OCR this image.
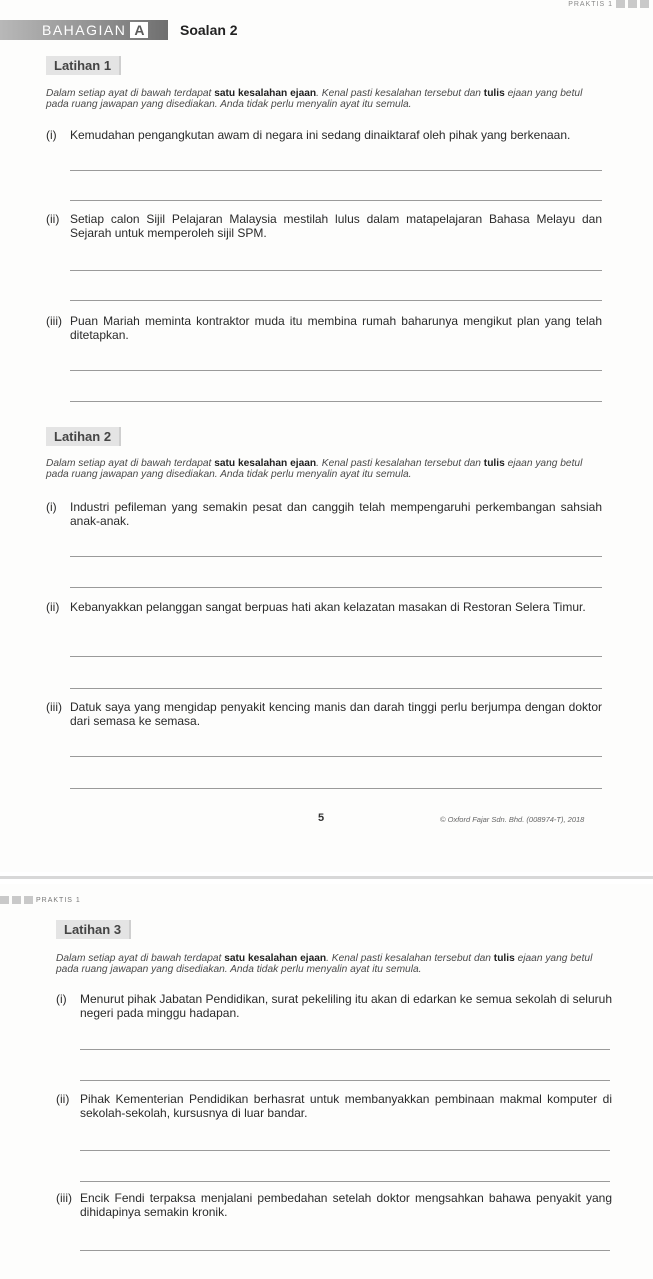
PRAKTIS 1
BAHAGIAN A	Soalan 2
Latihan 1
Dalam setiap ayat di bawah terdapat satu kesalahan ejaan. Kenal pasti kesalahan tersebut dan tulis ejaan yang betul pada ruang jawapan yang disediakan. Anda tidak perlu menyalin ayat itu semula.
(i) Kemudahan pengangkutan awam di negara ini sedang dinaiktaraf oleh pihak yang berkenaan.
(ii) Setiap calon Sijil Pelajaran Malaysia mestilah lulus dalam matapelajaran Bahasa Melayu dan Sejarah untuk memperoleh sijil SPM.
(iii) Puan Mariah meminta kontraktor muda itu membina rumah baharunya mengikut plan yang telah ditetapkan.
Latihan 2
Dalam setiap ayat di bawah terdapat satu kesalahan ejaan. Kenal pasti kesalahan tersebut dan tulis ejaan yang betul pada ruang jawapan yang disediakan. Anda tidak perlu menyalin ayat itu semula.
(i) Industri pefileman yang semakin pesat dan canggih telah mempengaruhi perkembangan sahsiah anak-anak.
(ii) Kebanyakkan pelanggan sangat berpuas hati akan kelazatan masakan di Restoran Selera Timur.
(iii) Datuk saya yang mengidap penyakit kencing manis dan darah tinggi perlu berjumpa dengan doktor dari semasa ke semasa.
5	© Oxford Fajar Sdn. Bhd. (008974-T), 2018
PRAKTIS 1
Latihan 3
Dalam setiap ayat di bawah terdapat satu kesalahan ejaan. Kenal pasti kesalahan tersebut dan tulis ejaan yang betul pada ruang jawapan yang disediakan. Anda tidak perlu menyalin ayat itu semula.
(i) Menurut pihak Jabatan Pendidikan, surat pekeliling itu akan di edarkan ke semua sekolah di seluruh negeri pada minggu hadapan.
(ii) Pihak Kementerian Pendidikan berhasrat untuk membanyakkan pembinaan makmal komputer di sekolah-sekolah, kursusnya di luar bandar.
(iii) Encik Fendi terpaksa menjalani pembedahan setelah doktor mengsahkan bahawa penyakit yang dihidapinya semakin kronik.
